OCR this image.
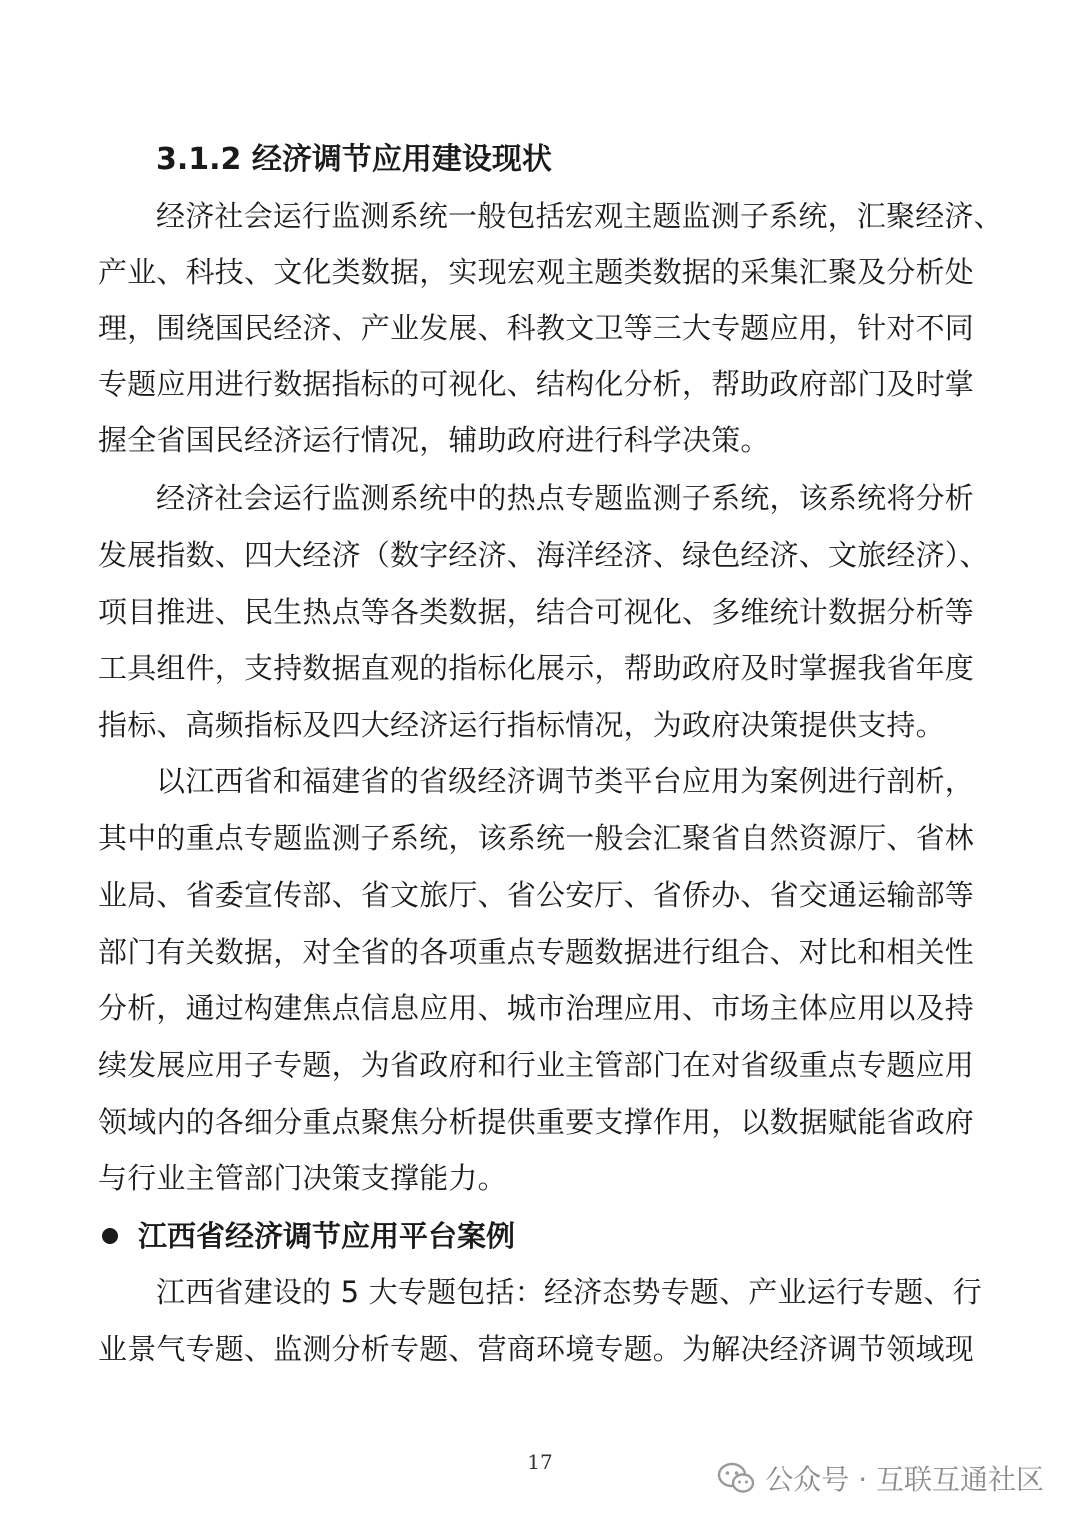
3.1.2 经济调节应用建设现状
经济社会运行监测系统一般包括宏观主题监测子系统，汇聚经济、
产业、科技、文化类数据，实现宏观主题类数据的采集汇聚及分析处
理，围绕国民经济、产业发展、科教文卫等三大专题应用，针对不同
专题应用进行数据指标的可视化、结构化分析，帮助政府部门及时掌
握全省国民经济运行情况，辅助政府进行科学决策。
经济社会运行监测系统中的热点专题监测子系统，该系统将分析
发展指数、四大经济（数字经济、海洋经济、绿色经济、文旅经济）、
项目推进、民生热点等各类数据，结合可视化、多维统计数据分析等
工具组件，支持数据直观的指标化展示，帮助政府及时掌握我省年度
指标、高频指标及四大经济运行指标情况，为政府决策提供支持。
以江西省和福建省的省级经济调节类平台应用为案例进行剖析，
其中的重点专题监测子系统，该系统一般会汇聚省自然资源厅、省林
业局、省委宣传部、省文旅厅、省公安厅、省侨办、省交通运输部等
部门有关数据，对全省的各项重点专题数据进行组合、对比和相关性
分析，通过构建焦点信息应用、城市治理应用、市场主体应用以及持
续发展应用子专题，为省政府和行业主管部门在对省级重点专题应用
领域内的各细分重点聚焦分析提供重要支撑作用，以数据赋能省政府
与行业主管部门决策支撑能力。
江西省经济调节应用平台案例
江西省建设的 5 大专题包括：经济态势专题、产业运行专题、行
业景气专题、监测分析专题、营商环境专题。为解决经济调节领域现
17
公众号 · 互联互通社区
